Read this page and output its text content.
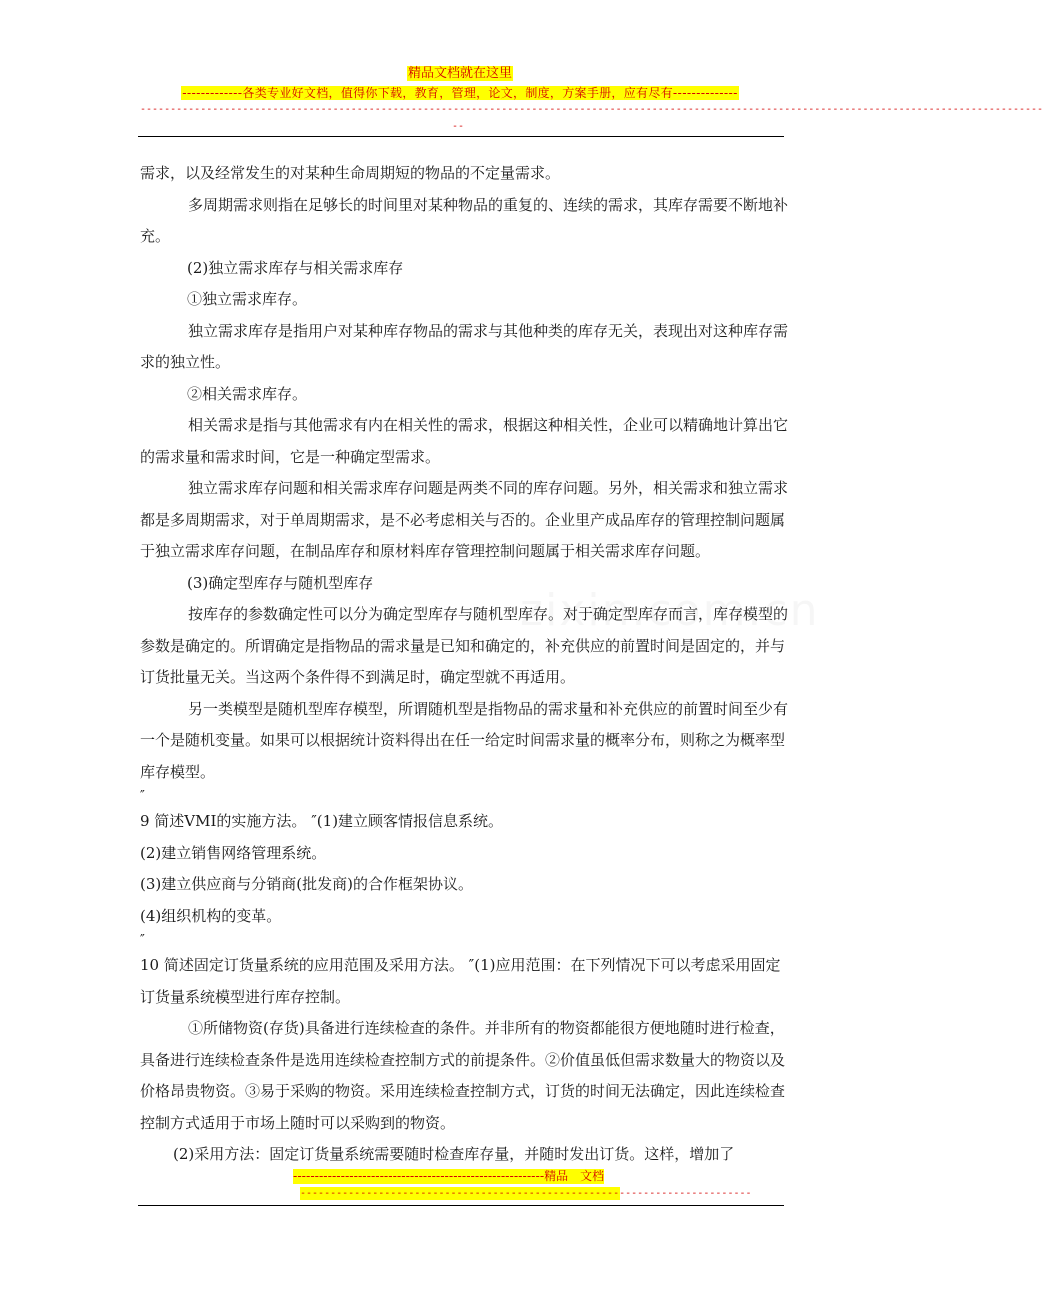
精品文档就在这里
-------------各类专业好文档，值得你下载，教育，管理，论文，制度，方案手册，应有尽有--------------
------------------------------------------------------------------------------------------------------------------------------------------------------
--

需求，以及经常发生的对某种生命周期短的物品的不定量需求。

多周期需求则指在足够长的时间里对某种物品的重复的、连续的需求，其库存需要不断地补充。

(2)独立需求库存与相关需求库存

①独立需求库存。

独立需求库存是指用户对某种库存物品的需求与其他种类的库存无关，表现出对这种库存需求的独立性。

②相关需求库存。

相关需求是指与其他需求有内在相关性的需求，根据这种相关性，企业可以精确地计算出它的需求量和需求时间，它是一种确定型需求。

独立需求库存问题和相关需求库存问题是两类不同的库存问题。另外，相关需求和独立需求都是多周期需求，对于单周期需求，是不必考虑相关与否的。企业里产成品库存的管理控制问题属于独立需求库存问题，在制品库存和原材料库存管理控制问题属于相关需求库存问题。

(3)确定型库存与随机型库存

按库存的参数确定性可以分为确定型库存与随机型库存。对于确定型库存而言，库存模型的参数是确定的。所谓确定是指物品的需求量是已知和确定的，补充供应的前置时间是固定的，并与订货批量无关。当这两个条件得不到满足时，确定型就不再适用。

另一类模型是随机型库存模型，所谓随机型是指物品的需求量和补充供应的前置时间至少有一个是随机变量。如果可以根据统计资料得出在任一给定时间需求量的概率分布，则称之为概率型库存模型。

″

9 简述VMI的实施方法。 ″(1)建立顾客情报信息系统。

(2)建立销售网络管理系统。

(3)建立供应商与分销商(批发商)的合作框架协议。

(4)组织机构的变革。

″

10 简述固定订货量系统的应用范围及采用方法。 ″(1)应用范围：在下列情况下可以考虑采用固定订货量系统模型进行库存控制。

①所储物资(存货)具备进行连续检查的条件。并非所有的物资都能很方便地随时进行检查，具备进行连续检查条件是选用连续检查控制方式的前提条件。②价值虽低但需求数量大的物资以及价格昂贵物资。③易于采购的物资。采用连续检查控制方式，订货的时间无法确定，因此连续检查控制方式适用于市场上随时可以采购到的物资。

(2)采用方法：固定订货量系统需要随时检查库存量，并随时发出订货。这样，增加了

----------------------------------------------------------精品　文档
---------------------------------------------------------------------------
